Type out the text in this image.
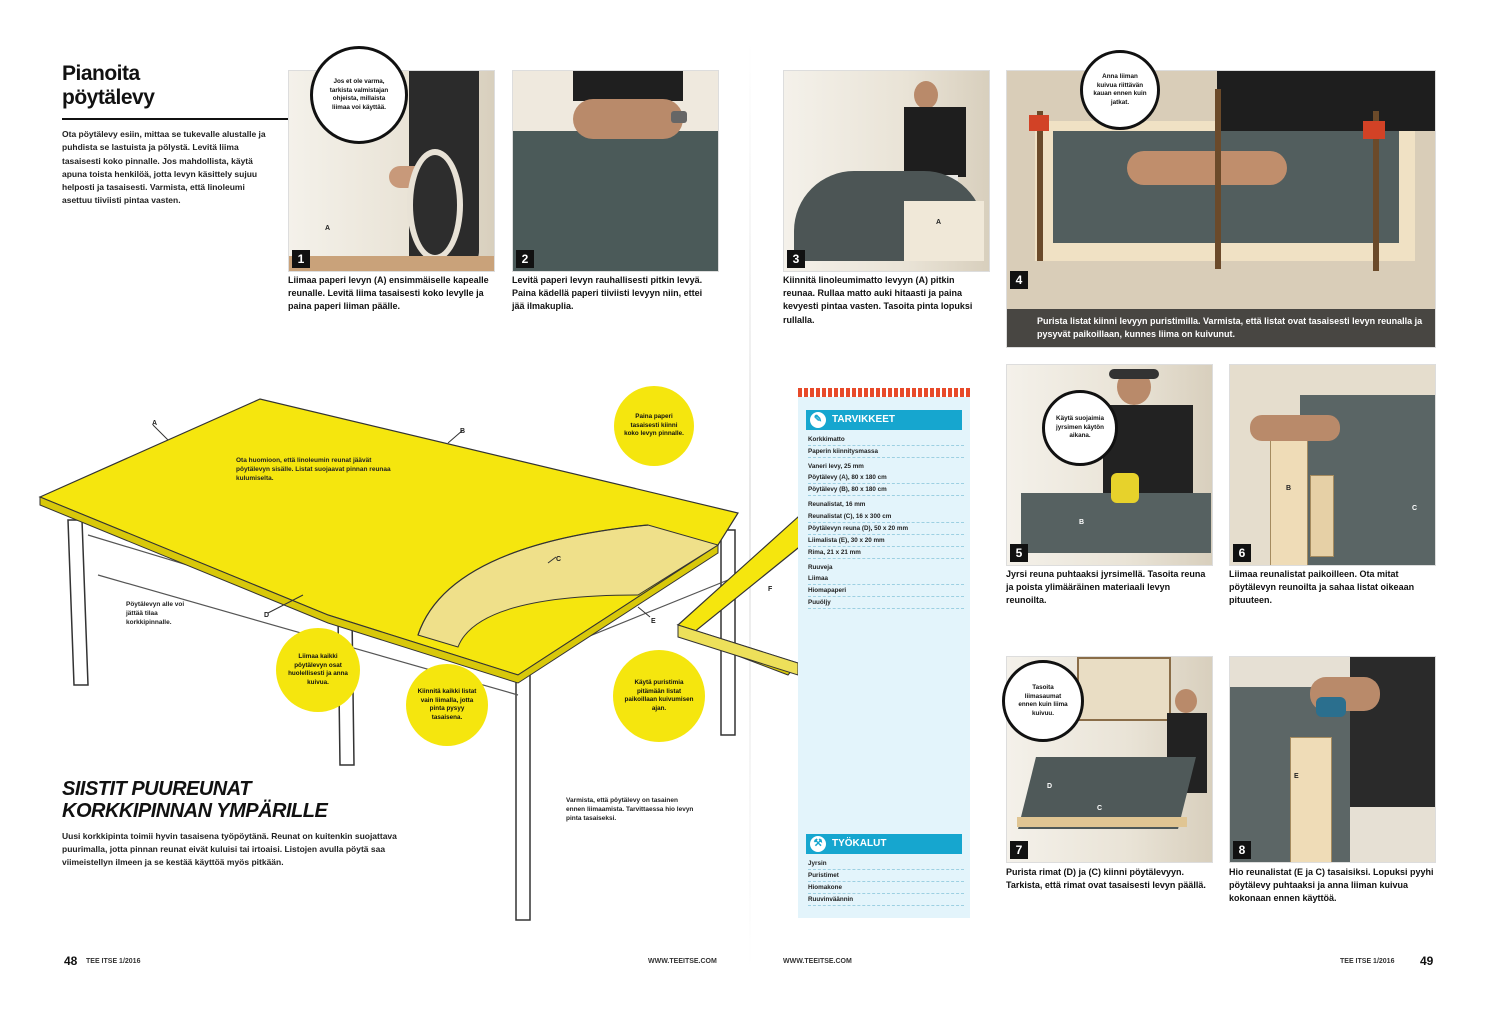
Pianoita
pöytälevy
Ota pöytälevy esiin, mittaa se tukevalle alustalle ja puhdista se lastuista ja pölystä. Levitä liima tasaisesti koko pinnalle. Jos mahdollista, käytä apuna toista henkilöä, jotta levyn käsittely sujuu helposti ja tasaisesti. Varmista, että linoleumi asettuu tiiviisti pintaa vasten.
A
1
Jos et ole varma, tarkista valmistajan ohjeista, millaista liimaa voi käyttää.
Liimaa paperi levyn (A) ensimmäiselle kapealle reunalle. Levitä liima tasaisesti koko levylle ja paina paperi liiman päälle.
2
Levitä paperi levyn rauhallisesti pitkin levyä. Paina kädellä paperi tiiviisti levyyn niin, ettei jää ilmakuplia.
A
B
C
D
E
F
Ota huomioon, että linoleumin reunat jäävät pöytälevyn sisälle. Listat suojaavat pinnan reunaa kulumiselta.
Pöytälevyn alle voi jättää tilaa korkkipinnalle.
Varmista, että pöytälevy on tasainen ennen liimaamista. Tarvittaessa hio levyn pinta tasaiseksi.
Paina paperi tasaisesti kiinni koko levyn pinnalle.
Liimaa kaikki pöytälevyn osat huolellisesti ja anna kuivua.
Kiinnitä kaikki listat vain liimalla, jotta pinta pysyy tasaisena.
Käytä puristimia pitämään listat paikoillaan kuivumisen ajan.
SIISTIT PUUREUNAT
KORKKIPINNAN YMPÄRILLE
Uusi korkkipinta toimii hyvin tasaisena työpöytänä. Reunat on kuitenkin suojattava puurimalla, jotta pinnan reunat eivät kuluisi tai irtoaisi. Listojen avulla pöytä saa viimeistellyn ilmeen ja se kestää käyttöä myös pitkään.
✎ TARVIKKEET
Korkkimatto
Paperin kiinnitysmassa
Vaneri levy, 25 mm
Pöytälevy (A), 80 x 180 cm
Pöytälevy (B), 80 x 180 cm
Reunalistat, 16 mm
Reunalistat (C), 16 x 300 cm
Pöytälevyn reuna (D), 50 x 20 mm
Liimalista (E), 30 x 20 mm
Rima, 21 x 21 mm
Ruuveja
Liimaa
Hiomapaperi
Puuöljy
⚒ TYÖKALUT
Jyrsin
Puristimet
Hiomakone
Ruuvinväännin
A
3
Kiinnitä linoleumimatto levyyn (A) pitkin reunaa. Rullaa matto auki hitaasti ja paina kevyesti pintaa vasten. Tasoita pinta lopuksi rullalla.	Purista listat kiinni levyyn puristimilla. Varmista, että listat ovat tasaisesti levyn reunalla ja pysyvät paikoillaan, kunnes liima on kuivunut.
4
Anna liiman kuivua riittävän kauan ennen kuin jatkat.
B
5
Käytä suojaimia jyrsimen käytön aikana.
Jyrsi reuna puhtaaksi jyrsimellä. Tasoita reuna ja poista ylimääräinen materiaali levyn reunoilta.
B
C
6
Liimaa reunalistat paikoilleen. Ota mitat pöytälevyn reunoilta ja sahaa listat oikeaan pituuteen.
D
C
7
Tasoita liimasaumat ennen kuin liima kuivuu.
Purista rimat (D) ja (C) kiinni pöytälevyyn. Tarkista, että rimat ovat tasaisesti levyn päällä.
E
8
Hio reunalistat (E ja C) tasaisiksi. Lopuksi pyyhi pöytälevy puhtaaksi ja anna liiman kuivua kokonaan ennen käyttöä.
48 TEE ITSE 1/2016	WWW.TEEITSE.COM	WWW.TEEITSE.COM	TEE ITSE 1/2016 49
